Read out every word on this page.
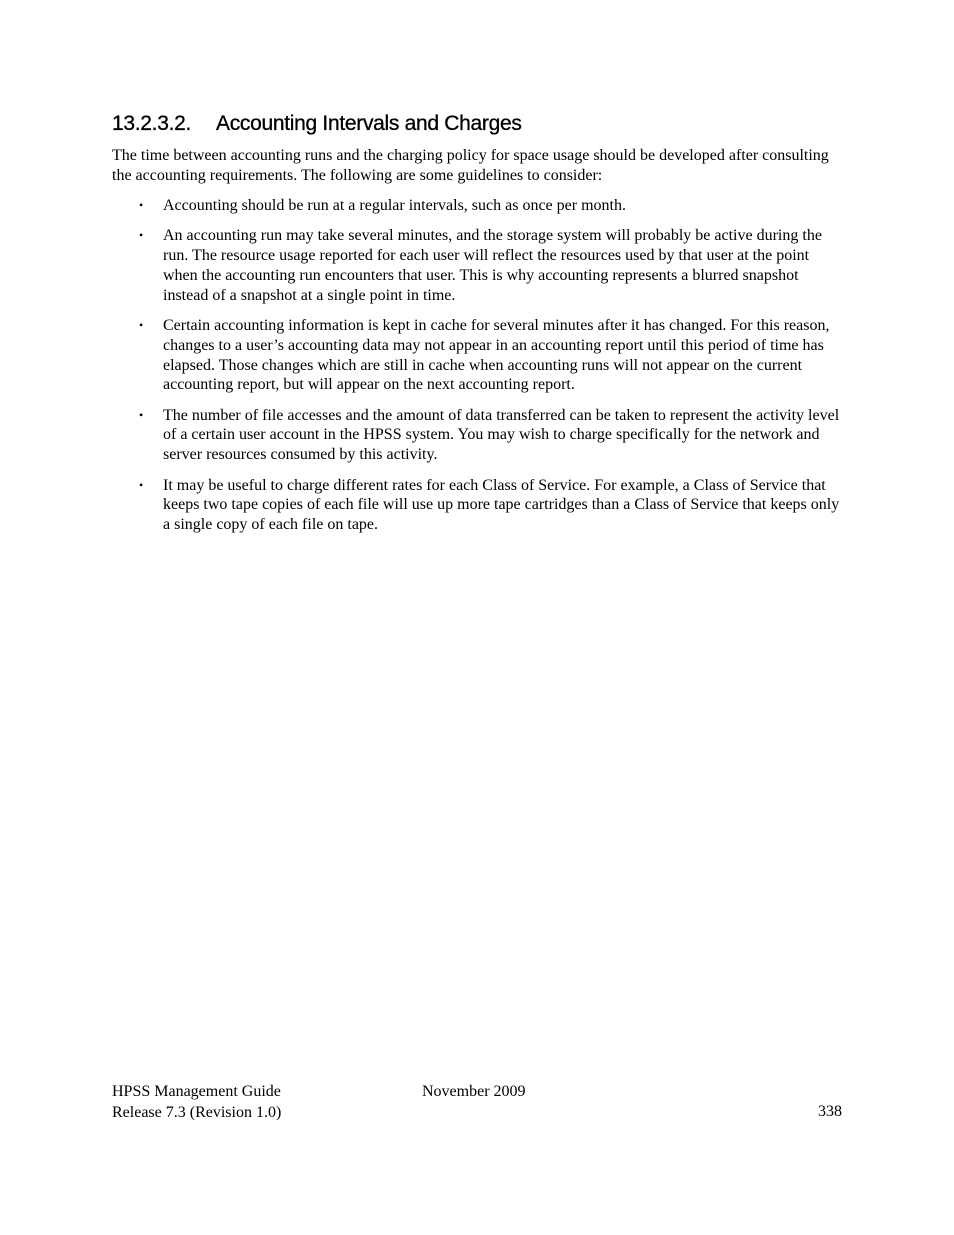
13.2.3.2. Accounting Intervals and Charges

The time between accounting runs and the charging policy for space usage should be developed after consulting the accounting requirements. The following are some guidelines to consider:

• Accounting should be run at a regular intervals, such as once per month.
• An accounting run may take several minutes, and the storage system will probably be active during the run. The resource usage reported for each user will reflect the resources used by that user at the point when the accounting run encounters that user. This is why accounting represents a blurred snapshot instead of a snapshot at a single point in time.
• Certain accounting information is kept in cache for several minutes after it has changed. For this reason, changes to a user’s accounting data may not appear in an accounting report until this period of time has elapsed. Those changes which are still in cache when accounting runs will not appear on the current accounting report, but will appear on the next accounting report.
• The number of file accesses and the amount of data transferred can be taken to represent the activity level of a certain user account in the HPSS system. You may wish to charge specifically for the network and server resources consumed by this activity.
• It may be useful to charge different rates for each Class of Service. For example, a Class of Service that keeps two tape copies of each file will use up more tape cartridges than a Class of Service that keeps only a single copy of each file on tape.
HPSS Management Guide
Release 7.3 (Revision 1.0)
November 2009
338
